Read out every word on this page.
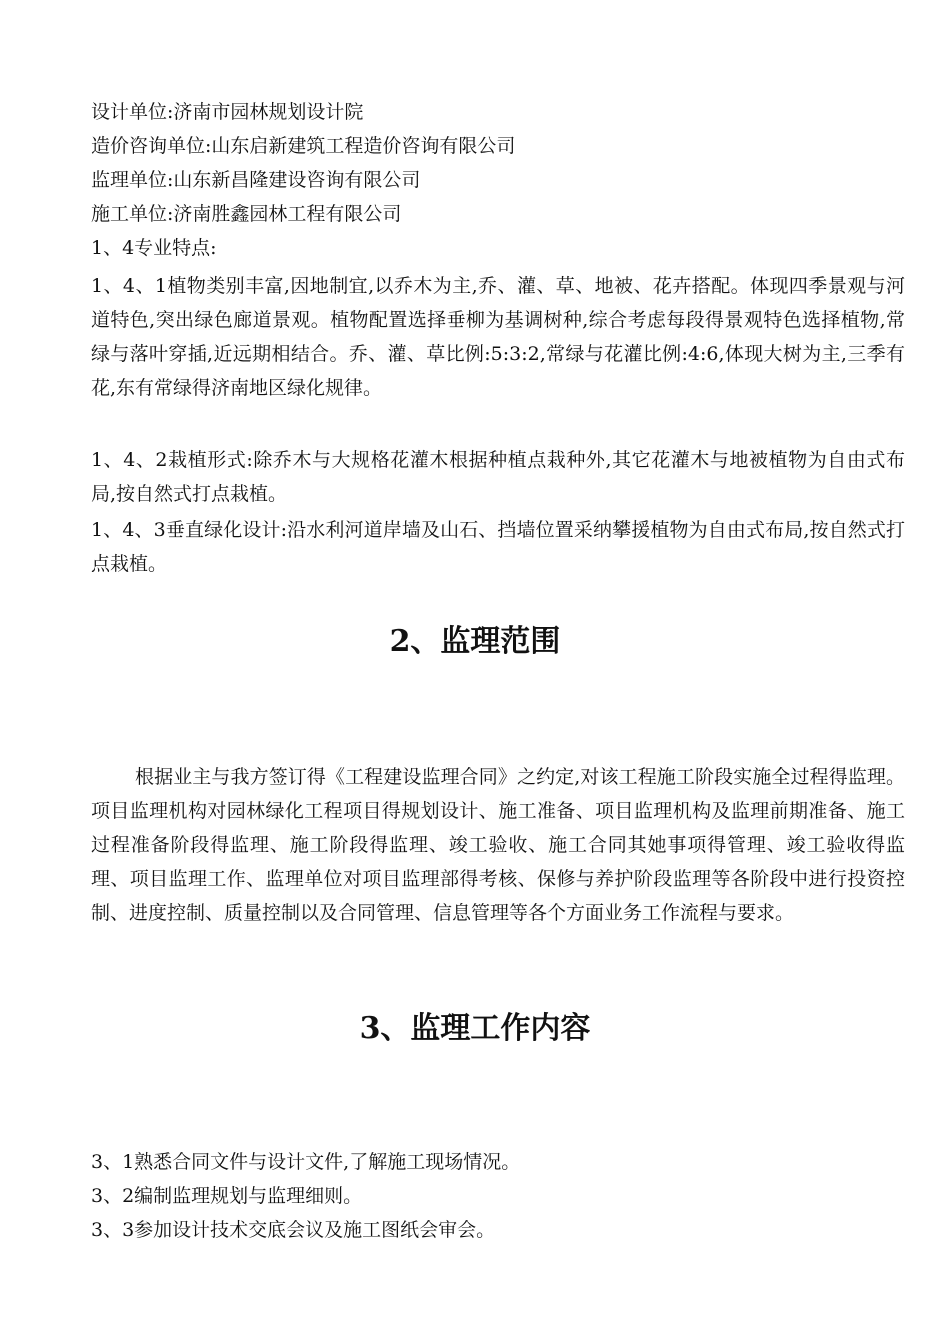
设计单位:济南市园林规划设计院
造价咨询单位:山东启新建筑工程造价咨询有限公司
监理单位:山东新昌隆建设咨询有限公司
施工单位:济南胜鑫园林工程有限公司
1、4专业特点:
1、4、1植物类别丰富,因地制宜,以乔木为主,乔、灌、草、地被、花卉搭配。体现四季景观与河道特色,突出绿色廊道景观。植物配置选择垂柳为基调树种,综合考虑每段得景观特色选择植物,常绿与落叶穿插,近远期相结合。乔、灌、草比例:5:3:2,常绿与花灌比例:4:6,体现大树为主,三季有花,东有常绿得济南地区绿化规律。
1、4、2栽植形式:除乔木与大规格花灌木根据种植点栽种外,其它花灌木与地被植物为自由式布局,按自然式打点栽植。
1、4、3垂直绿化设计:沿水利河道岸墙及山石、挡墙位置采纳攀援植物为自由式布局,按自然式打点栽植。
2、监理范围
根据业主与我方签订得《工程建设监理合同》之约定,对该工程施工阶段实施全过程得监理。项目监理机构对园林绿化工程项目得规划设计、施工准备、项目监理机构及监理前期准备、施工过程准备阶段得监理、施工阶段得监理、竣工验收、施工合同其她事项得管理、竣工验收得监理、项目监理工作、监理单位对项目监理部得考核、保修与养护阶段监理等各阶段中进行投资控制、进度控制、质量控制以及合同管理、信息管理等各个方面业务工作流程与要求。
3、监理工作内容
3、1熟悉合同文件与设计文件,了解施工现场情况。
3、2编制监理规划与监理细则。
3、3参加设计技术交底会议及施工图纸会审会。
